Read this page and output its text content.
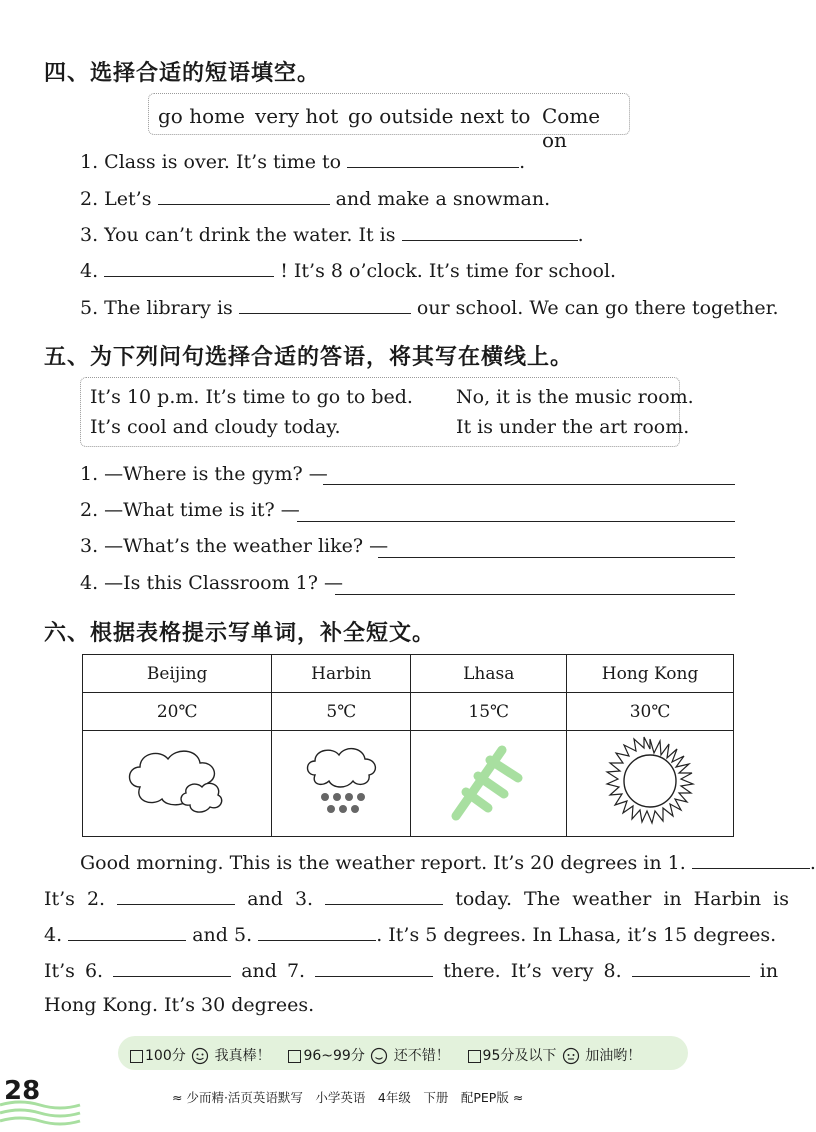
四、选择合适的短语填空。
go home very hot go outside next to Come on
1. Class is over. It’s time to	.
2. Let’s	and make a snowman.
3. You can’t drink the water. It is	.
4.	! It’s 8 o’clock. It’s time for school.
5. The library is	our school. We can go there together.
五、为下列问句选择合适的答语，将其写在横线上。
It’s 10 p.m. It’s time to go to bed. No, it is the music room.
It’s cool and cloudy today.	It is under the art room.
1. —Where is the gym? —
2. —What time is it? —
3. —What’s the weather like? —
4. —Is this Classroom 1? —
六、根据表格提示写单词，补全短文。
Beijing	Harbin	Lhasa	Hong Kong
20℃	5℃	15℃	30℃

Good morning. This is the weather report. It’s 20 degrees in 1.	.
It’s 2.	and 3.	today. The weather in Harbin is
4.	and 5.	. It’s 5 degrees. In Lhasa, it’s 15 degrees.
It’s 6.	and 7.	there. It’s very 8.	in
Hong Kong. It’s 30 degrees.
100分 我真棒！ 96~99分 还不错！ 95分及以下 加油哟！
28	≈ 少而精·活页英语默写　小学英语　4年级　下册　配PEP版 ≈
